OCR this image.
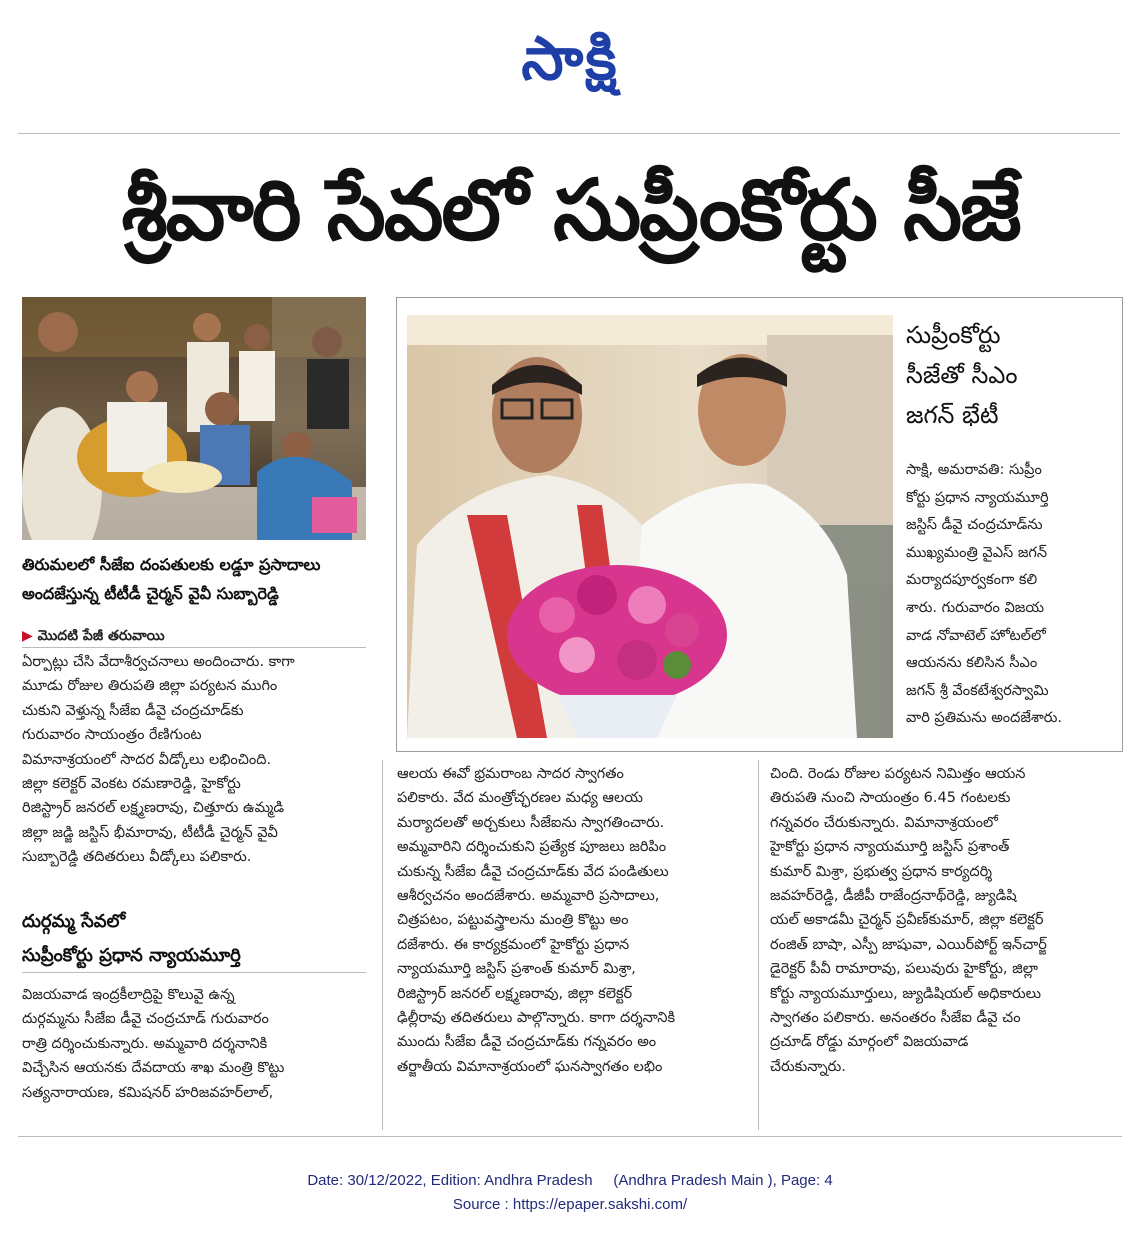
సాక్షి
శ్రీవారి సేవలో సుప్రీంకోర్టు సీజే
తిరుమలలో సీజేఐ దంపతులకు లడ్డూ ప్రసాదాలు
అందజేస్తున్న టీటీడీ చైర్మన్‌ వైవీ సుబ్బారెడ్డి
▶ మొదటి పేజీ తరువాయి
ఏర్పాట్లు చేసి వేదాశీర్వచనాలు అందించారు. కాగా
మూడు రోజుల తిరుపతి జిల్లా పర్యటన ముగిం
చుకుని వెళ్తున్న సీజేఐ డీవై చంద్రచూడ్‌కు
గురువారం సాయంత్రం రేణిగుంట
విమానాశ్రయంలో సాదర వీడ్కోలు లభించింది.
జిల్లా కలెక్టర్‌ వెంకట రమణారెడ్డి, హైకోర్టు
రిజిస్ట్రార్‌ జనరల్‌ లక్ష్మణరావు, చిత్తూరు ఉమ్మడి
జిల్లా జడ్జి జస్టిస్‌ భీమారావు, టీటీడీ చైర్మన్‌ వైవీ
సుబ్బారెడ్డి తదితరులు వీడ్కోలు పలికారు.
దుర్గమ్మ సేవలో
సుప్రీంకోర్టు ప్రధాన న్యాయమూర్తి
విజయవాడ ఇంద్రకీలాద్రిపై కొలువై ఉన్న
దుర్గమ్మను సీజేఐ డీవై చంద్రచూడ్‌ గురువారం
రాత్రి దర్శించుకున్నారు. అమ్మవారి దర్శనానికి
విచ్చేసిన ఆయనకు దేవదాయ శాఖ మంత్రి కొట్టు
సత్యనారాయణ, కమిషనర్‌ హరిజవహర్‌లాల్‌,
సుప్రీంకోర్టు
సీజేతో సీఎం
జగన్‌ భేటీ
సాక్షి, అమరావతి: సుప్రీం
కోర్టు ప్రధాన న్యాయమూర్తి
జస్టిస్‌ డీవై చంద్రచూడ్‌ను
ముఖ్యమంత్రి వైఎస్‌ జగన్‌
మర్యాదపూర్వకంగా కలి
శారు. గురువారం విజయ
వాడ నోవాటెల్‌ హోటల్‌లో
ఆయనను కలిసిన సీఎం
జగన్‌ శ్రీ వేంకటేశ్వరస్వామి
వారి ప్రతిమను అందజేశారు.
ఆలయ ఈవో భ్రమరాంబ సాదర స్వాగతం
పలికారు. వేద మంత్రోచ్ఛరణల మధ్య ఆలయ
మర్యాదలతో అర్చకులు సీజేఐను స్వాగతించారు.
అమ్మవారిని దర్శించుకుని ప్రత్యేక పూజలు జరిపిం
చుకున్న సీజేఐ డీవై చంద్రచూడ్‌కు వేద పండితులు
ఆశీర్వచనం అందజేశారు. అమ్మవారి ప్రసాదాలు,
చిత్రపటం, పట్టువస్త్రాలను మంత్రి కొట్టు అం
దజేశారు. ఈ కార్యక్రమంలో హైకోర్టు ప్రధాన
న్యాయమూర్తి జస్టిస్‌ ప్రశాంత్‌ కుమార్‌ మిశ్రా,
రిజిస్ట్రార్‌ జనరల్‌ లక్ష్మణరావు, జిల్లా కలెక్టర్‌
ఢిల్లీరావు తదితరులు పాల్గొన్నారు. కాగా దర్శనానికి
ముందు సీజేఐ డీవై చంద్రచూడ్‌కు గన్నవరం అం
తర్జాతీయ విమానాశ్రయంలో ఘనస్వాగతం లభిం
చింది. రెండు రోజుల పర్యటన నిమిత్తం ఆయన
తిరుపతి నుంచి సాయంత్రం 6.45 గంటలకు
గన్నవరం చేరుకున్నారు. విమానాశ్రయంలో
హైకోర్టు ప్రధాన న్యాయమూర్తి జస్టిస్‌ ప్రశాంత్‌
కుమార్‌ మిశ్రా, ప్రభుత్వ ప్రధాన కార్యదర్శి
జవహర్‌రెడ్డి, డీజీపీ రాజేంద్రనాథ్‌రెడ్డి, జ్యుడిషి
యల్‌ అకాడమీ చైర్మన్‌ ప్రవీణ్‌కుమార్‌, జిల్లా కలెక్టర్‌
రంజిత్‌ బాషా, ఎస్పీ జాషువా, ఎయిర్‌పోర్ట్‌ ఇన్‌చార్జ్‌
డైరెక్టర్‌ పీవీ రామారావు, పలువురు హైకోర్టు, జిల్లా
కోర్టు న్యాయమూర్తులు, జ్యుడిషియల్‌ అధికారులు
స్వాగతం పలికారు. అనంతరం సీజేఐ డీవై చం
ద్రచూడ్‌ రోడ్డు మార్గంలో విజయవాడ
చేరుకున్నారు.
Date: 30/12/2022, Edition: Andhra Pradesh     (Andhra Pradesh Main ), Page: 4
Source : https://epaper.sakshi.com/
